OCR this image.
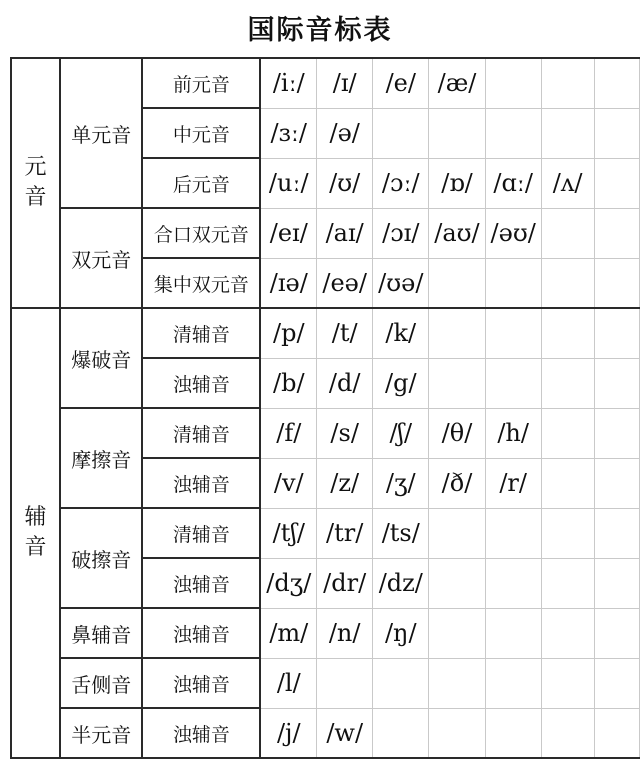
国际音标表
元音	单元音	前元音	/iː/	/ɪ/	/e/	/æ/			
		中元音	/ɜː/	/ə/					
		后元音	/uː/	/ʊ/	/ɔː/	/ɒ/	/ɑː/	/ʌ/	
	双元音	合口双元音	/eɪ/	/aɪ/	/ɔɪ/	/aʊ/	/əʊ/		
		集中双元音	/ɪə/	/eə/	/ʊə/				
辅音	爆破音	清辅音	/p/	/t/	/k/				
		浊辅音	/b/	/d/	/g/				
	摩擦音	清辅音	/f/	/s/	/ʃ/	/θ/	/h/		
		浊辅音	/v/	/z/	/ʒ/	/ð/	/r/		
	破擦音	清辅音	/tʃ/	/tr/	/ts/				
		浊辅音	/dʒ/	/dr/	/dz/				
	鼻辅音	浊辅音	/m/	/n/	/ŋ/				
	舌侧音	浊辅音	/l/						
	半元音	浊辅音	/j/	/w/					
